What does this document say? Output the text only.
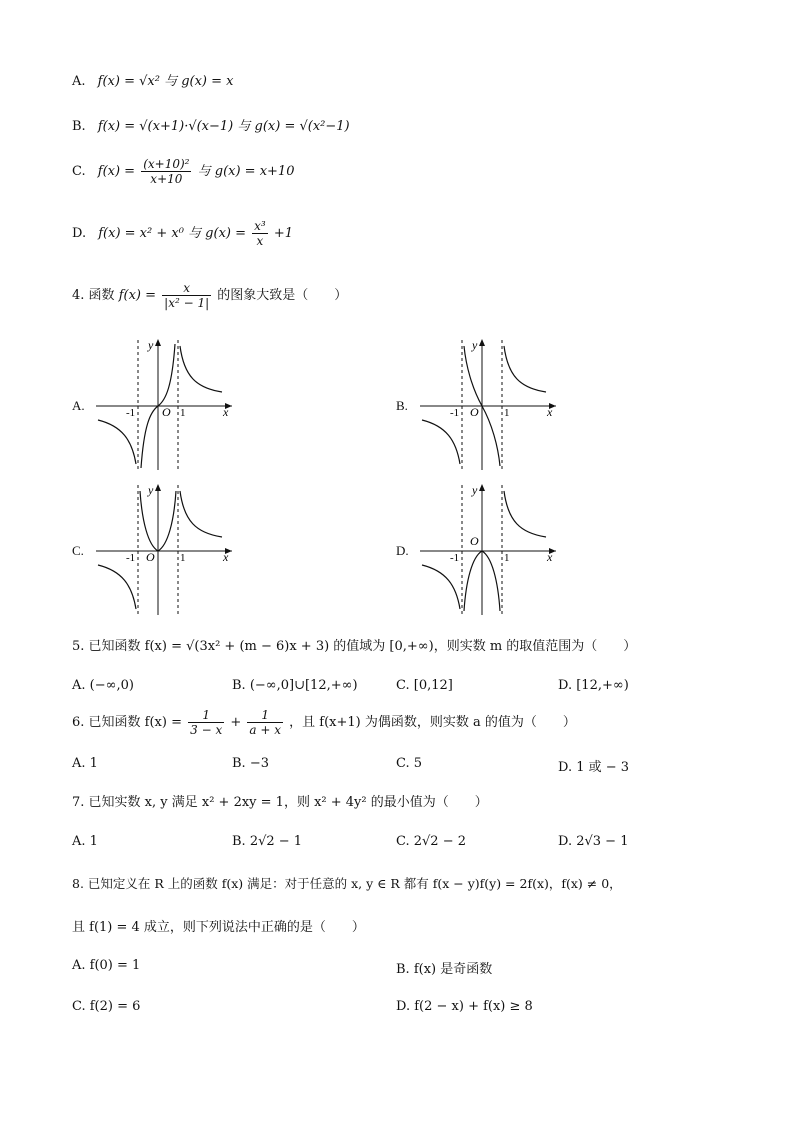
A. f(x) = √x² 与 g(x) = x
B. f(x) = √(x+1)·√(x−1) 与 g(x) = √(x²−1)
C. $f(x) = \frac{\text{(x+10)²}}{x+10}$ 与 g(x) = x+10
D. f(x) = x² + x⁰ 与 $g(x) = \frac{\text{x³}}{x} +1$
4. 函数 $f(x) = \frac{x}{\text{|x² − 1|}}$ 的图象大致是（　　）
A.	B.
C.	D.
y
x
O
-1	1
y
x
O
-1	1
y
x
O
-1	1
y
x
O
-1	1
5. 已知函数 f(x) = √(3x² + (m − 6)x + 3) 的值域为 [0,+∞)，则实数 m 的取值范围为（　　）
A. (−∞,0)	B. (−∞,0]∪[12,+∞)	C. [0,12]	D. [12,+∞)
6. 已知函数 $f(x) = \frac{1}{3 - x} + \frac{1}{a + x}$ ，且 f(x+1) 为偶函数，则实数 a 的值为（　　）
A. 1	B. −3	C. 5	D. 1 或 − 3
7. 已知实数 x, y 满足 x² + 2xy = 1，则 x² + 4y² 的最小值为（　　）
A. 1	B. 2√2 − 1	C. 2√2 − 2	D. 2√3 − 1
8. 已知定义在 R 上的函数 f(x) 满足：对于任意的 x, y ∈ R 都有 f(x − y)f(y) = 2f(x)，f(x) ≠ 0，
且 f(1) = 4 成立，则下列说法中正确的是（　　）
A. f(0) = 1	B. f(x) 是奇函数
C. f(2) = 6	D. f(2 − x) + f(x) ≥ 8
